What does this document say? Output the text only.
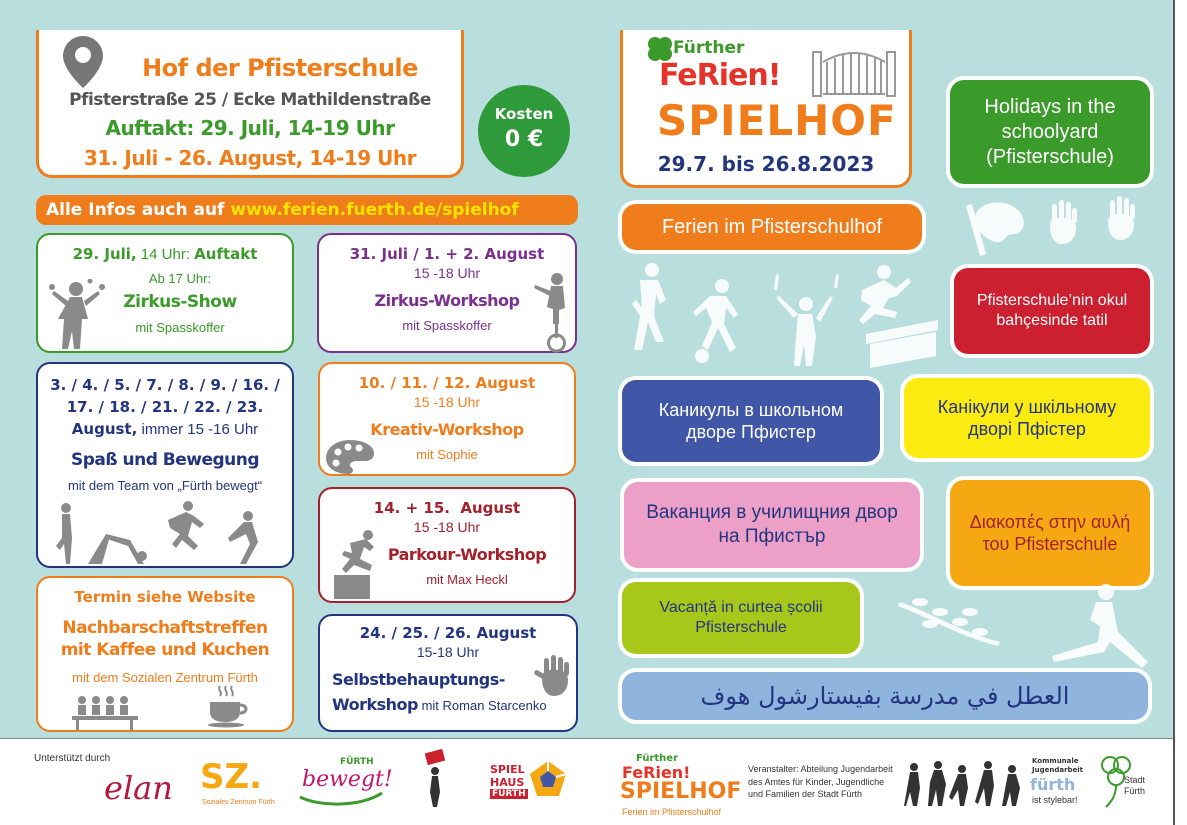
Hof der Pfisterschule
Pfisterstraße 25 / Ecke Mathildenstraße
Auftakt: 29. Juli, 14-19 Uhr
31. Juli - 26. August, 14-19 Uhr
Kosten
0 €
Alle Infos auch auf www.ferien.fuerth.de/spielhof
Fürther
FeRien!
SPIELHOF
29.7. bis 26.8.2023
29. Juli, 14 Uhr: Auftakt
Ab 17 Uhr:
Zirkus-Show
mit Spasskoffer
31. Juli / 1. + 2. August
15 -18 Uhr
Zirkus-Workshop
mit Spasskoffer
3. / 4. / 5. / 7. / 8. / 9. / 16. /
17. / 18. / 21. / 22. / 23.
August, immer 15 -16 Uhr
Spaß und Bewegung
mit dem Team von „Fürth bewegt“
10. / 11. / 12. August
15 -18 Uhr
Kreativ-Workshop
mit Sophie
14. + 15.  August
15 -18 Uhr
Parkour-Workshop
mit Max Heckl
Termin siehe Website
Nachbarschaftstreffen
mit Kaffee und Kuchen
mit dem Sozialen Zentrum Fürth
24. / 25. / 26. August
15-18 Uhr
Selbstbehauptungs-
Workshop mit Roman Starcenko
Ferien im Pfisterschulhof
Holidays in the schoolyard (Pfisterschule)
Pfisterschule’nin okul bahçesinde tatil
Каникулы в школьном дворе Пфистер
Канікули у шкільному дворі Пфістер
Ваканция в училищния двор на Пфистър
Διακοπές στην αυλή του Pfisterschule
Vacanță in curtea școlii Pfisterschule
العطل في مدرسة بفيستارشول هوف
Unterstützt durch
elan SZ.
Soziales Zentrum Fürth
FÜRTH
bewegt!	SPIEL
HAUS
FÜRTH
Fürther
FeRien!
SPIELHOF
Ferien im Pfisterschulhof
Veranstalter: Abteilung Jugendarbeit des Amtes für Kinder, Jugendliche und Familien der Stadt Fürth
Kommunale
Jugendarbeit
fürth
ist stylebar!
Stadt
Fürth
